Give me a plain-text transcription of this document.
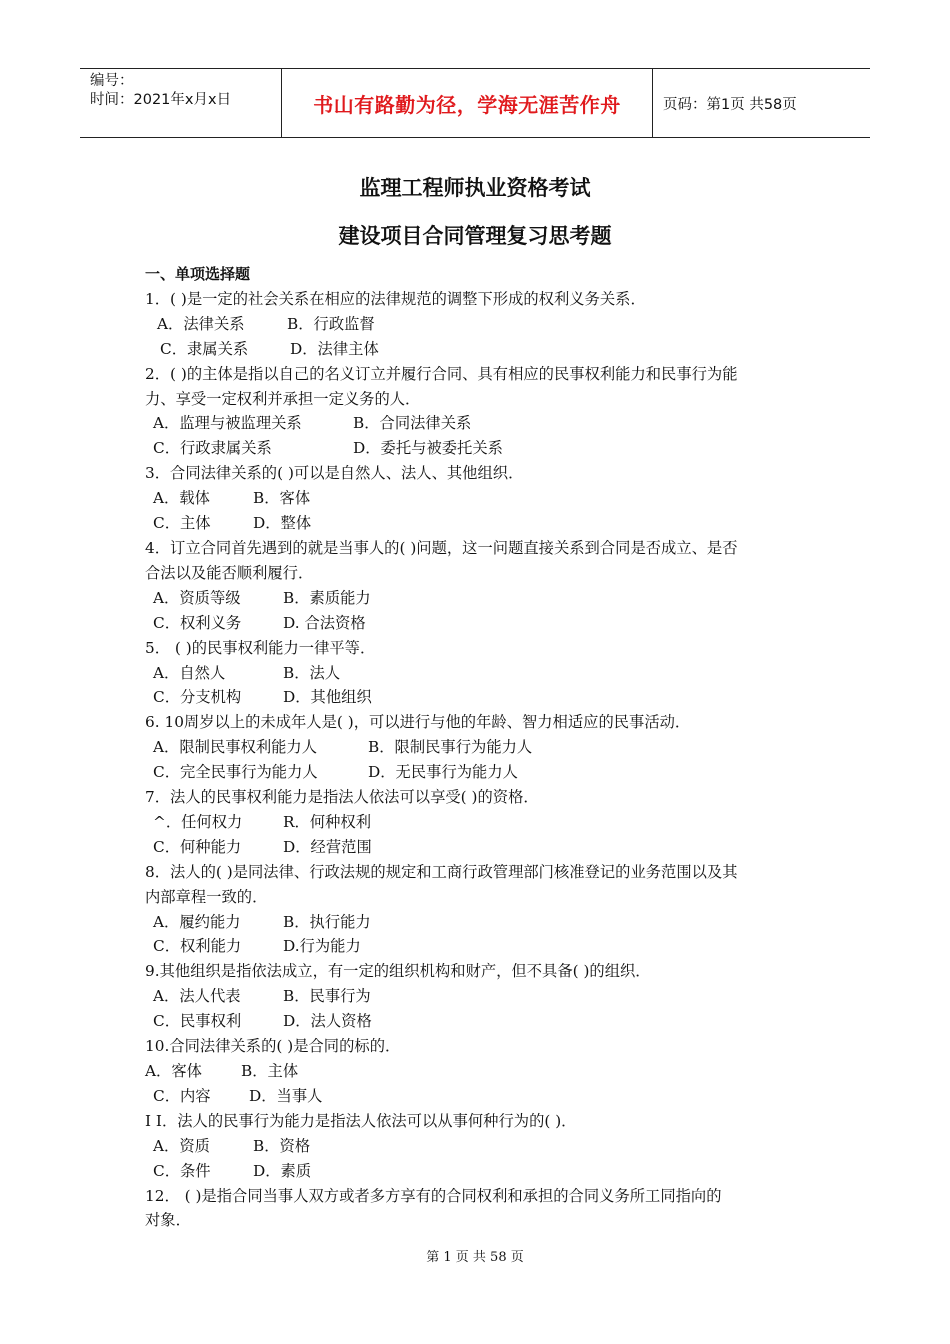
编号：
时间：2021年x月x日	书山有路勤为径，学海无涯苦作舟	页码：第1页 共58页
监理工程师执业资格考试
建设项目合同管理复习思考题

一、单项选择题

1．( )是一定的社会关系在相应的法律规范的调整下形成的权利义务关系．

A．法律关系	B．行政监督

C．隶属关系	D．法律主体

2．( )的主体是指以自己的名义订立并履行合同、具有相应的民事权利能力和民事行为能

力、享受一定权利并承担一定义务的人．

A．监理与被监理关系	B．合同法律关系

C．行政隶属关系	D．委托与被委托关系

3．合同法律关系的( )可以是自然人、法人、其他组织．

A．载体	B．客体

C．主体	D．整体

4．订立合同首先遇到的就是当事人的( )问题，这一问题直接关系到合同是否成立、是否

合法以及能否顺利履行．

A．资质等级	B．素质能力

C．权利义务	D. 合法资格

5． ( )的民事权利能力一律平等．

A．自然人	B．法人

C．分支机构	D．其他组织

6. 10周岁以上的未成年人是( )，可以进行与他的年龄、智力相适应的民事活动．

A．限制民事权利能力人	B．限制民事行为能力人

C．完全民事行为能力人	D．无民事行为能力人

7．法人的民事权利能力是指法人依法可以享受( )的资格．

^．任何权力	R．何种权利

C．何种能力	D．经营范围

8．法人的( )是同法律、行政法规的规定和工商行政管理部门核准登记的业务范围以及其

内部章程一致的．

A．履约能力	B．执行能力

C．权利能力	D.行为能力

9.其他组织是指依法成立，有一定的组织机构和财产，但不具备( )的组织．

A．法人代表	B．民事行为

C．民事权利	D．法人资格

10.合同法律关系的( )是合同的标的．

A．客体	B．主体

C．内容	D．当事人

I I．法人的民事行为能力是指法人依法可以从事何种行为的( )．

A．资质	B．资格

C．条件	D．素质

12． ( )是指合同当事人双方或者多方享有的合同权利和承担的合同义务所工同指向的

对象．

第 1 页 共 58 页
